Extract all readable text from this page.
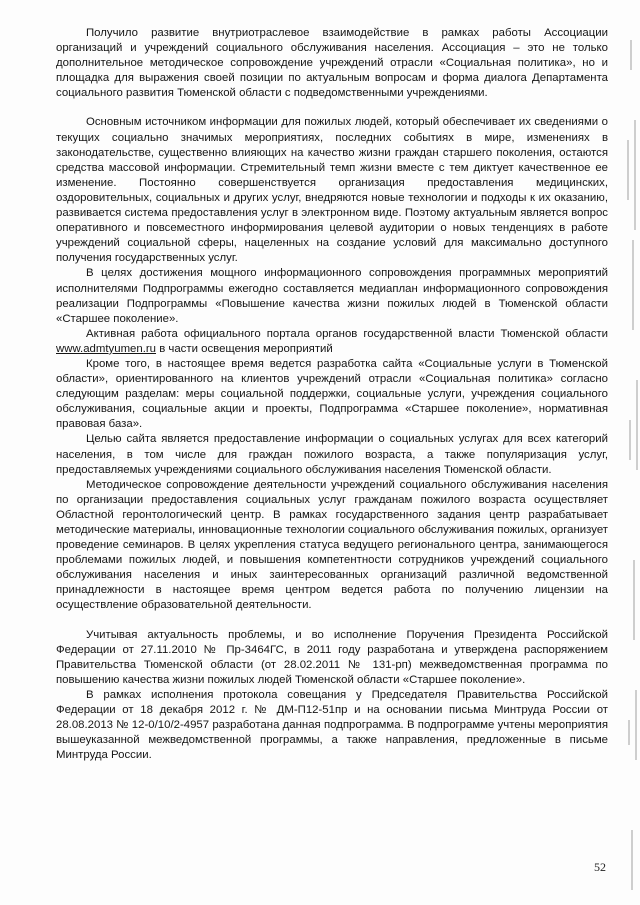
Получило развитие внутриотраслевое взаимодействие в рамках работы Ассоциации организаций и учреждений социального обслуживания населения. Ассоциация – это не только дополнительное методическое сопровождение учреждений отрасли «Социальная политика», но и площадка для выражения своей позиции по актуальным вопросам и форма диалога Департамента социального развития Тюменской области с подведомственными учреждениями.

Основным источником информации для пожилых людей, который обеспечивает их сведениями о текущих социально значимых мероприятиях, последних событиях в мире, изменениях в законодательстве, существенно влияющих на качество жизни граждан старшего поколения, остаются средства массовой информации. Стремительный темп жизни вместе с тем диктует качественное ее изменение. Постоянно совершенствуется организация предоставления медицинских, оздоровительных, социальных и других услуг, внедряются новые технологии и подходы к их оказанию, развивается система предоставления услуг в электронном виде. Поэтому актуальным является вопрос оперативного и повсеместного информирования целевой аудитории о новых тенденциях в работе учреждений социальной сферы, нацеленных на создание условий для максимально доступного получения государственных услуг.

В целях достижения мощного информационного сопровождения программных мероприятий исполнителями Подпрограммы ежегодно составляется медиаплан информационного сопровождения реализации Подпрограммы «Повышение качества жизни пожилых людей в Тюменской области «Старшее поколение».

Активная работа официального портала органов государственной власти Тюменской области www.admtyumen.ru в части освещения мероприятий

Кроме того, в настоящее время ведется разработка сайта «Социальные услуги в Тюменской области», ориентированного на клиентов учреждений отрасли «Социальная политика» согласно следующим разделам: меры социальной поддержки, социальные услуги, учреждения социального обслуживания, социальные акции и проекты, Подпрограмма «Старшее поколение», нормативная правовая база».

Целью сайта является предоставление информации о социальных услугах для всех категорий населения, в том числе для граждан пожилого возраста, а также популяризация услуг, предоставляемых учреждениями социального обслуживания населения Тюменской области.

Методическое сопровождение деятельности учреждений социального обслуживания населения по организации предоставления социальных услуг гражданам пожилого возраста осуществляет Областной геронтологический центр. В рамках государственного задания центр разрабатывает методические материалы, инновационные технологии социального обслуживания пожилых, организует проведение семинаров. В целях укрепления статуса ведущего регионального центра, занимающегося проблемами пожилых людей, и повышения компетентности сотрудников учреждений социального обслуживания населения и иных заинтересованных организаций различной ведомственной принадлежности в настоящее время центром ведется работа по получению лицензии на осуществление образовательной деятельности.

Учитывая актуальность проблемы, и во исполнение Поручения Президента Российской Федерации от 27.11.2010 № Пр-3464ГС, в 2011 году разработана и утверждена распоряжением Правительства Тюменской области (от 28.02.2011 № 131-рп) межведомственная программа по повышению качества жизни пожилых людей Тюменской области «Старшее поколение».

В рамках исполнения протокола совещания у Председателя Правительства Российской Федерации от 18 декабря 2012 г. № ДМ-П12-51пр и на основании письма Минтруда России от 28.08.2013 № 12-0/10/2-4957 разработана данная подпрограмма. В подпрограмме учтены мероприятия вышеуказанной межведомственной программы, а также направления, предложенные в письме Минтруда России.

52
